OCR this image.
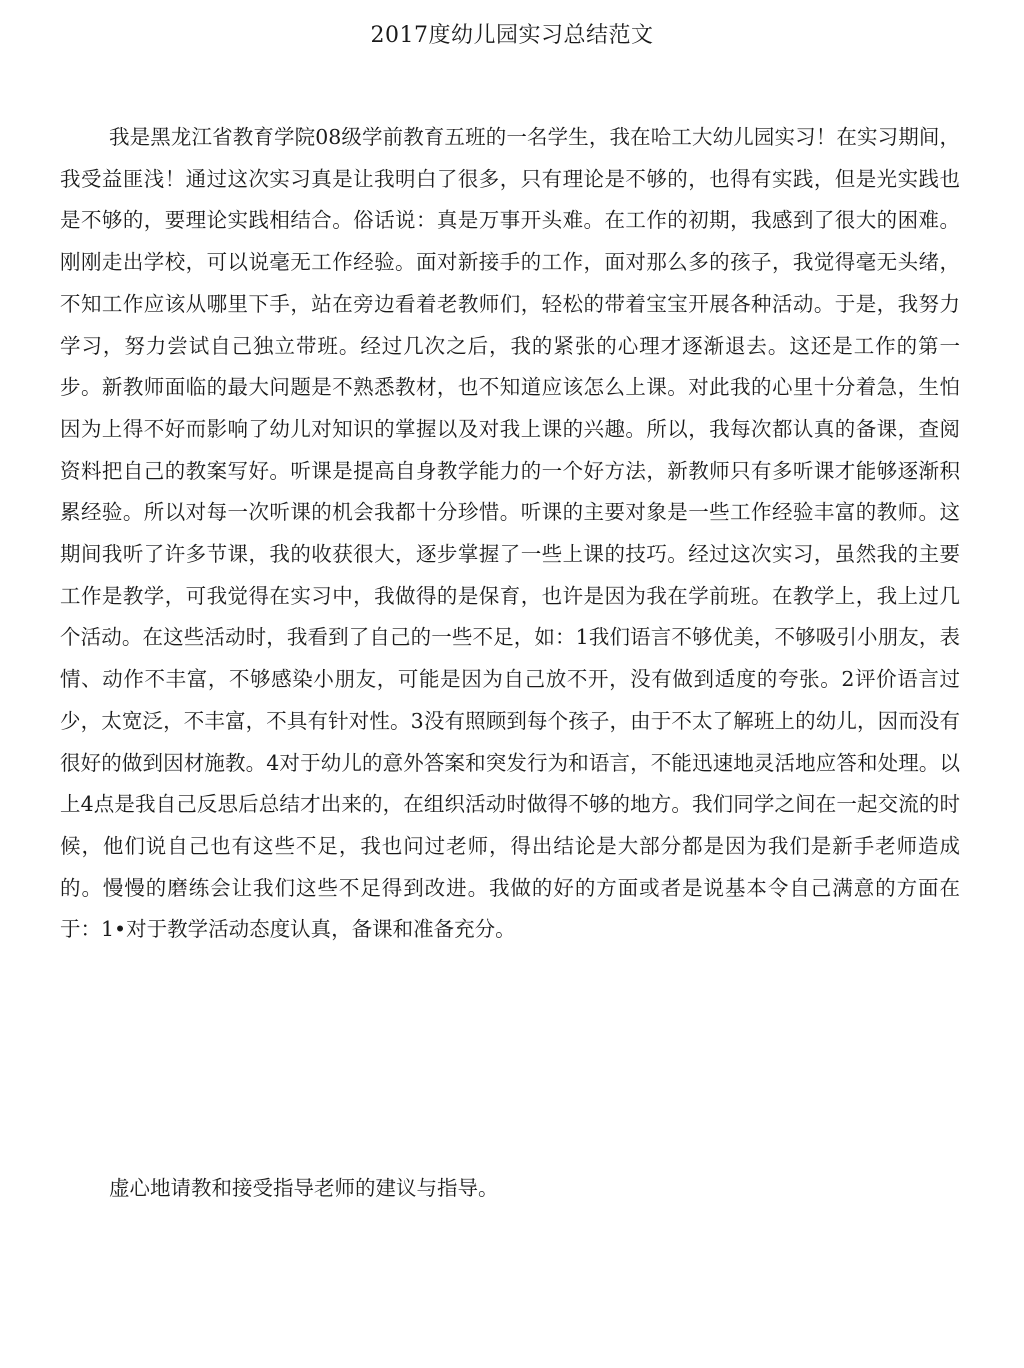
2017度幼儿园实习总结范文

我是黑龙江省教育学院08级学前教育五班的一名学生，我在哈工大幼儿园实习！在实习期间，我受益匪浅！通过这次实习真是让我明白了很多，只有理论是不够的，也得有实践，但是光实践也是不够的，要理论实践相结合。俗话说：真是万事开头难。在工作的初期，我感到了很大的困难。刚刚走出学校，可以说毫无工作经验。面对新接手的工作，面对那么多的孩子，我觉得毫无头绪，不知工作应该从哪里下手，站在旁边看着老教师们，轻松的带着宝宝开展各种活动。于是，我努力学习，努力尝试自己独立带班。经过几次之后，我的紧张的心理才逐渐退去。这还是工作的第一步。新教师面临的最大问题是不熟悉教材，也不知道应该怎么上课。对此我的心里十分着急，生怕因为上得不好而影响了幼儿对知识的掌握以及对我上课的兴趣。所以，我每次都认真的备课，查阅资料把自己的教案写好。听课是提高自身教学能力的一个好方法，新教师只有多听课才能够逐渐积累经验。所以对每一次听课的机会我都十分珍惜。听课的主要对象是一些工作经验丰富的教师。这期间我听了许多节课，我的收获很大，逐步掌握了一些上课的技巧。经过这次实习，虽然我的主要工作是教学，可我觉得在实习中，我做得的是保育，也许是因为我在学前班。在教学上，我上过几个活动。在这些活动时，我看到了自己的一些不足，如：1我们语言不够优美，不够吸引小朋友，表情、动作不丰富，不够感染小朋友，可能是因为自己放不开，没有做到适度的夸张。2评价语言过少，太宽泛，不丰富，不具有针对性。3没有照顾到每个孩子，由于不太了解班上的幼儿，因而没有很好的做到因材施教。4对于幼儿的意外答案和突发行为和语言，不能迅速地灵活地应答和处理。以上4点是我自己反思后总结才出来的，在组织活动时做得不够的地方。我们同学之间在一起交流的时候，他们说自己也有这些不足，我也问过老师，得出结论是大部分都是因为我们是新手老师造成的。慢慢的磨练会让我们这些不足得到改进。我做的好的方面或者是说基本令自己满意的方面在于：1•对于教学活动态度认真，备课和准备充分。

虚心地请教和接受指导老师的建议与指导。
